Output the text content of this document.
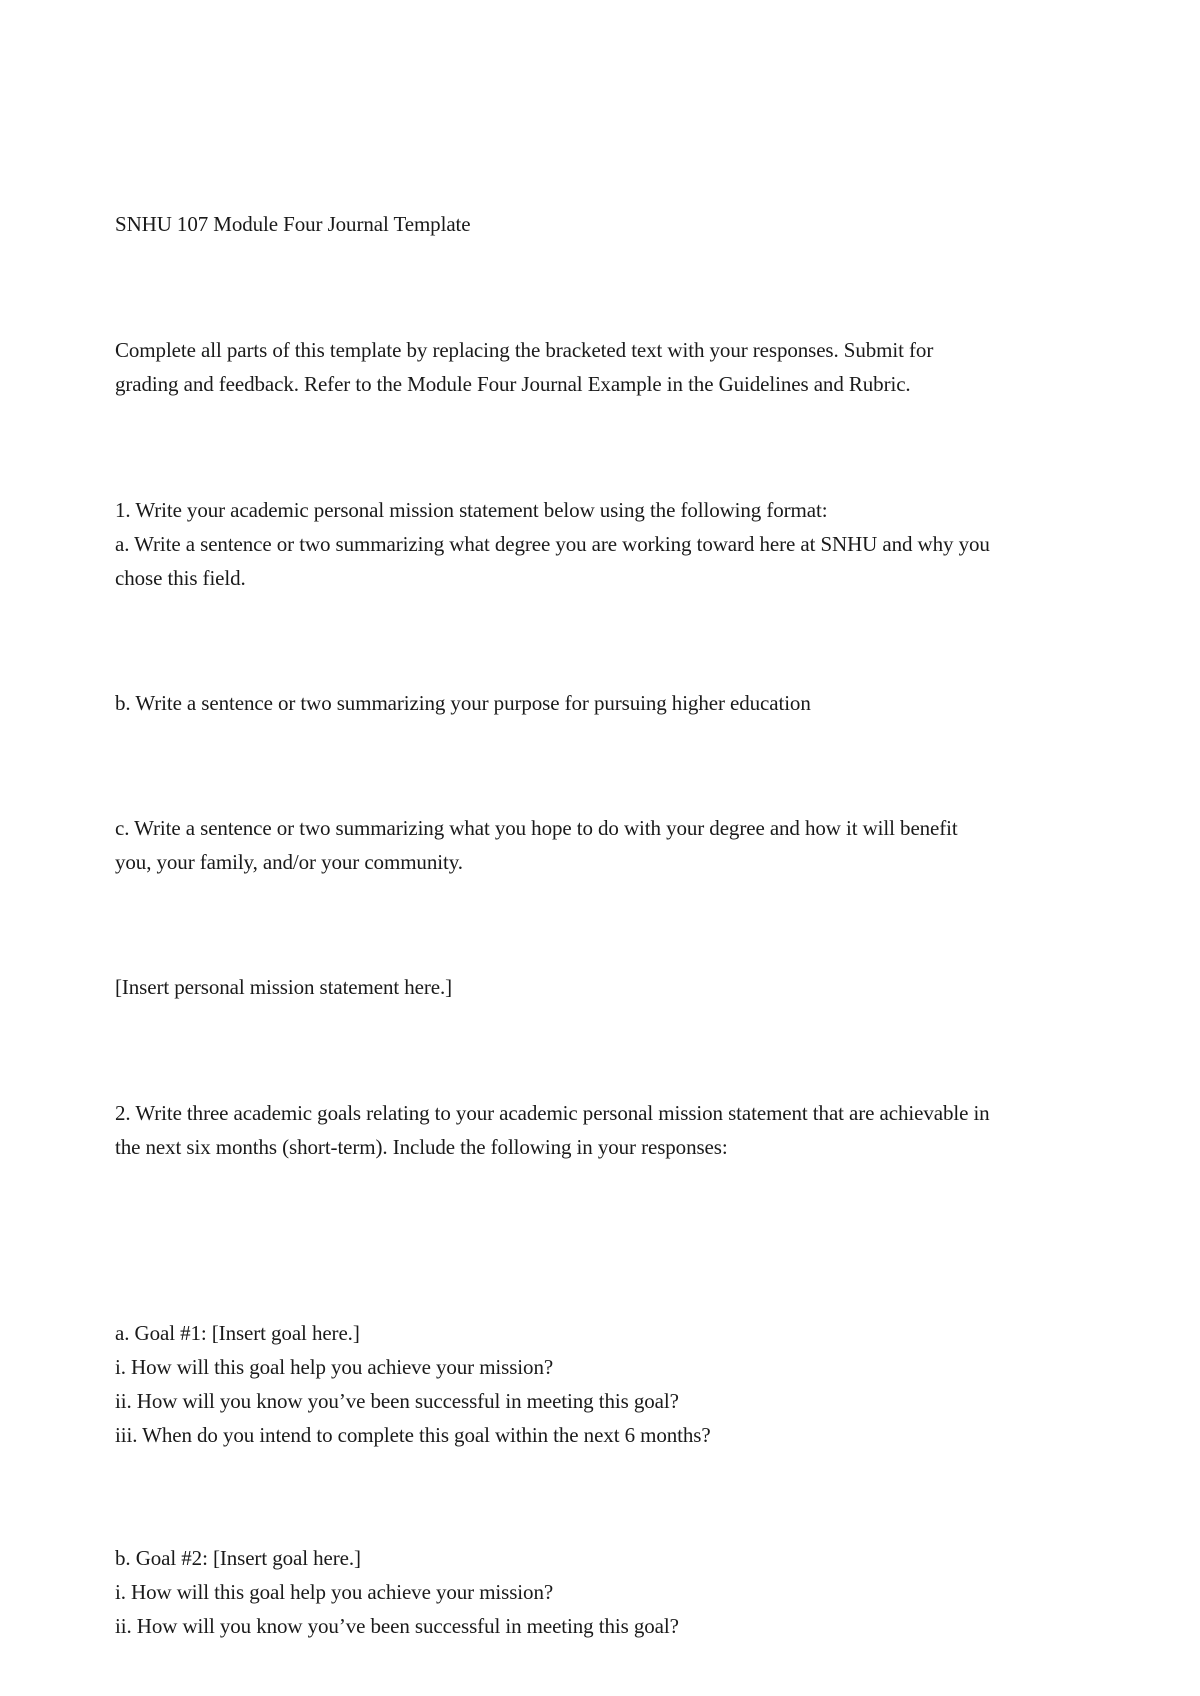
SNHU 107 Module Four Journal Template
Complete all parts of this template by replacing the bracketed text with your responses. Submit for
grading and feedback. Refer to the Module Four Journal Example in the Guidelines and Rubric.
1. Write your academic personal mission statement below using the following format:
a. Write a sentence or two summarizing what degree you are working toward here at SNHU and why you
chose this field.
b. Write a sentence or two summarizing your purpose for pursuing higher education
c. Write a sentence or two summarizing what you hope to do with your degree and how it will benefit
you, your family, and/or your community.
[Insert personal mission statement here.]
2. Write three academic goals relating to your academic personal mission statement that are achievable in
the next six months (short-term). Include the following in your responses:
a. Goal #1: [Insert goal here.]
i. How will this goal help you achieve your mission?
ii. How will you know you’ve been successful in meeting this goal?
iii. When do you intend to complete this goal within the next 6 months?
b. Goal #2: [Insert goal here.]
i. How will this goal help you achieve your mission?
ii. How will you know you’ve been successful in meeting this goal?
